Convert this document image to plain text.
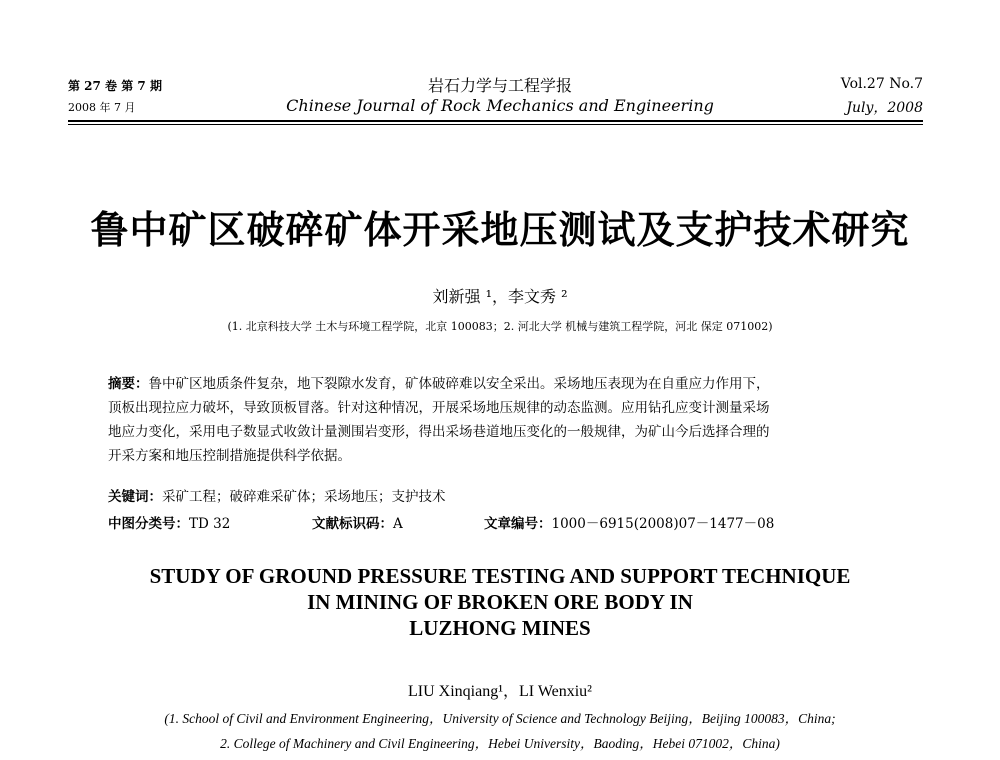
第 27 卷 第 7 期
2008 年 7 月
岩石力学与工程学报
Chinese Journal of Rock Mechanics and Engineering
Vol.27 No.7
July，2008
鲁中矿区破碎矿体开采地压测试及支护技术研究
刘新强 ¹，李文秀 ²
(1. 北京科技大学 土木与环境工程学院，北京 100083；2. 河北大学 机械与建筑工程学院，河北 保定 071002)
摘要：鲁中矿区地质条件复杂，地下裂隙水发育，矿体破碎难以安全采出。采场地压表现为在自重应力作用下，
顶板出现拉应力破坏，导致顶板冒落。针对这种情况，开展采场地压规律的动态监测。应用钻孔应变计测量采场
地应力变化，采用电子数显式收敛计量测围岩变形，得出采场巷道地压变化的一般规律，为矿山今后选择合理的
开采方案和地压控制措施提供科学依据。
关键词：采矿工程；破碎难采矿体；采场地压；支护技术
中图分类号：TD 32	文献标识码：A	文章编号：1000－6915(2008)07－1477－08
STUDY OF GROUND PRESSURE TESTING AND SUPPORT TECHNIQUE
IN MINING OF BROKEN ORE BODY IN
LUZHONG MINES
LIU Xinqiang¹，LI Wenxiu²
(1. School of Civil and Environment Engineering，University of Science and Technology Beijing，Beijing 100083，China;
2. College of Machinery and Civil Engineering，Hebei University，Baoding，Hebei 071002，China)
